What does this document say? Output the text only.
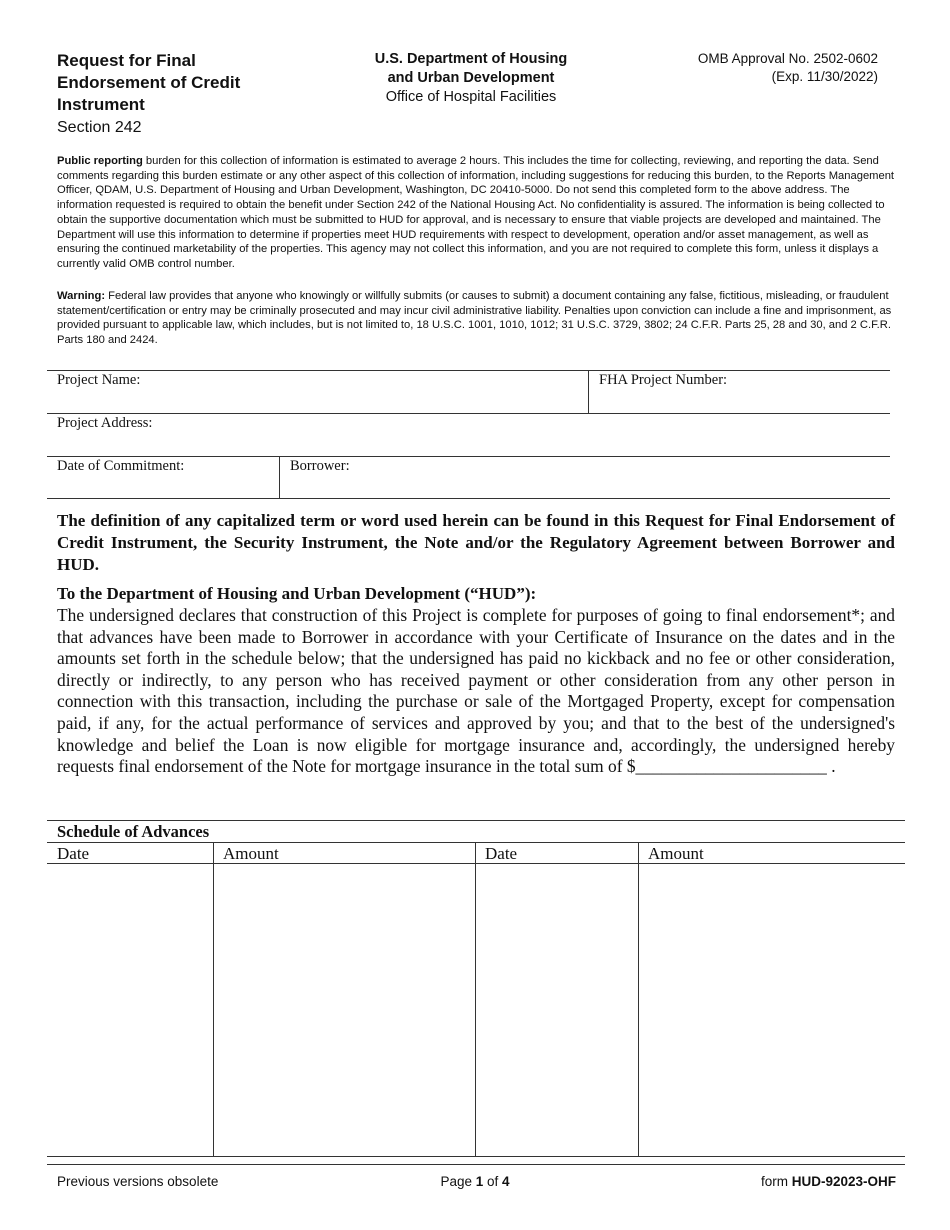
Request for Final
Endorsement of Credit
Instrument
Section 242
U.S. Department of Housing
and Urban Development
Office of Hospital Facilities
OMB Approval No. 2502-0602
(Exp. 11/30/2022)
Public reporting burden for this collection of information is estimated to average 2 hours. This includes the time for collecting, reviewing, and reporting the data. Send comments regarding this burden estimate or any other aspect of this collection of information, including suggestions for reducing this burden, to the Reports Management Officer, QDAM, U.S. Department of Housing and Urban Development, Washington, DC 20410-5000. Do not send this completed form to the above address. The information requested is required to obtain the benefit under Section 242 of the National Housing Act. No confidentiality is assured. The information is being collected to obtain the supportive documentation which must be submitted to HUD for approval, and is necessary to ensure that viable projects are developed and maintained. The Department will use this information to determine if properties meet HUD requirements with respect to development, operation and/or asset management, as well as ensuring the continued marketability of the properties. This agency may not collect this information, and you are not required to complete this form, unless it displays a currently valid OMB control number.
Warning: Federal law provides that anyone who knowingly or willfully submits (or causes to submit) a document containing any false, fictitious, misleading, or fraudulent statement/certification or entry may be criminally prosecuted and may incur civil administrative liability. Penalties upon conviction can include a fine and imprisonment, as provided pursuant to applicable law, which includes, but is not limited to, 18 U.S.C. 1001, 1010, 1012; 31 U.S.C. 3729, 3802; 24 C.F.R. Parts 25, 28 and 30, and 2 C.F.R. Parts 180 and 2424.
Project Name:	FHA Project Number:
Project Address:
Date of Commitment:	Borrower:
The definition of any capitalized term or word used herein can be found in this Request for Final Endorsement of Credit Instrument, the Security Instrument, the Note and/or the Regulatory Agreement between Borrower and HUD.
To the Department of Housing and Urban Development (“HUD”):
The undersigned declares that construction of this Project is complete for purposes of going to final endorsement*; and that advances have been made to Borrower in accordance with your Certificate of Insurance on the dates and in the amounts set forth in the schedule below; that the undersigned has paid no kickback and no fee or other consideration, directly or indirectly, to any person who has received payment or other consideration from any other person in connection with this transaction, including the purchase or sale of the Mortgaged Property, except for compensation paid, if any, for the actual performance of services and approved by you; and that to the best of the undersigned's knowledge and belief the Loan is now eligible for mortgage insurance and, accordingly, the undersigned hereby requests final endorsement of the Note for mortgage insurance in the total sum of $______________________ .
Schedule of Advances
Date	Amount	Date	Amount
Previous versions obsolete	Page 1 of 4	form HUD-92023-OHF
